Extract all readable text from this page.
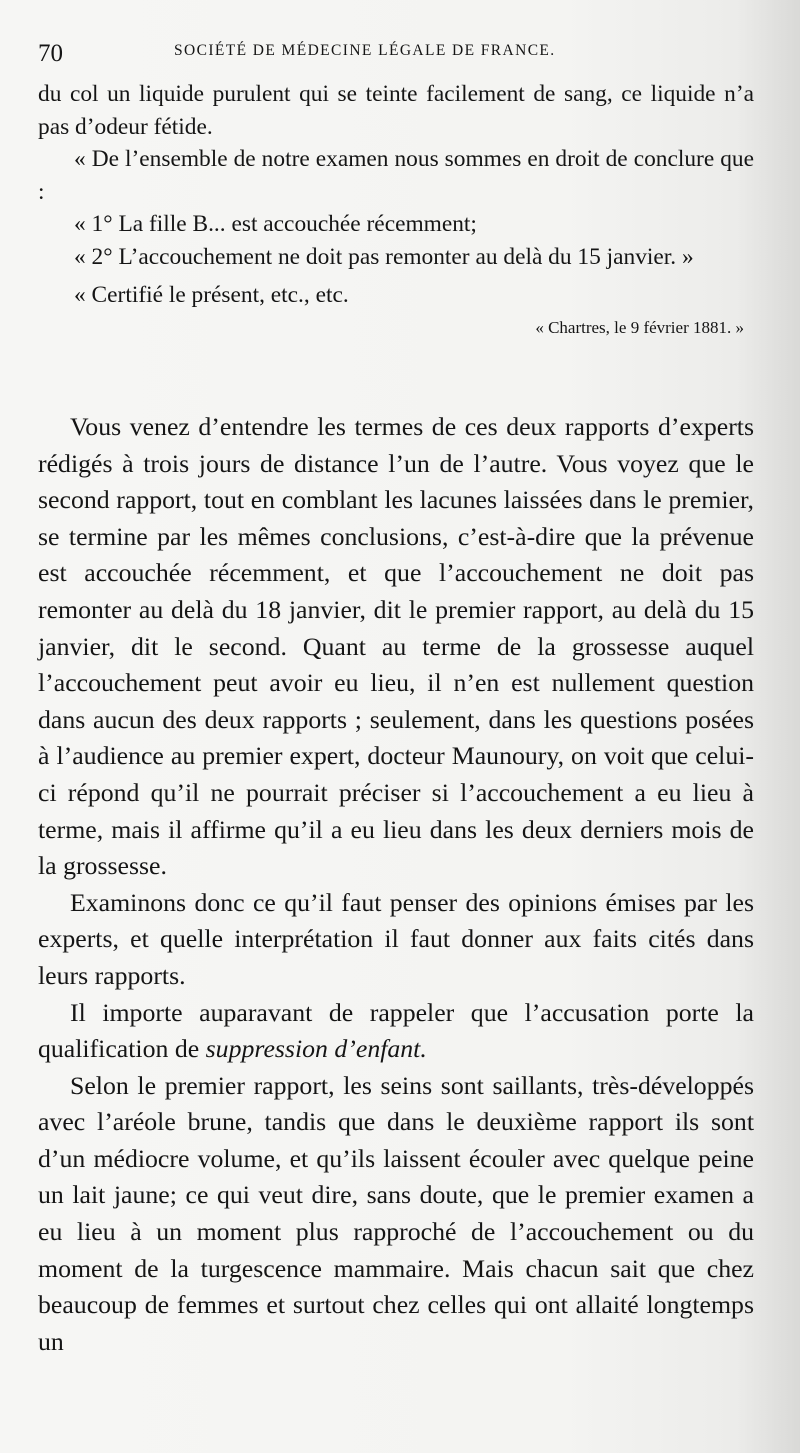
70	SOCIÉTÉ DE MÉDECINE LÉGALE DE FRANCE.

du col un liquide purulent qui se teinte facilement de sang, ce liquide n’a pas d’odeur fétide.

« De l’ensemble de notre examen nous sommes en droit de conclure que :

« 1° La fille B... est accouchée récemment;

« 2° L’accouchement ne doit pas remonter au delà du 15 janvier. »

« Certifié le présent, etc., etc.

« Chartres, le 9 février 1881. »

Vous venez d’entendre les termes de ces deux rapports d’experts rédigés à trois jours de distance l’un de l’autre. Vous voyez que le second rapport, tout en comblant les lacunes laissées dans le premier, se termine par les mêmes conclusions, c’est-à-dire que la prévenue est accouchée récemment, et que l’accouchement ne doit pas remonter au delà du 18 janvier, dit le premier rapport, au delà du 15 janvier, dit le second. Quant au terme de la grossesse auquel l’accouchement peut avoir eu lieu, il n’en est nullement question dans aucun des deux rapports ; seulement, dans les questions posées à l’audience au premier expert, docteur Maunoury, on voit que celui-ci répond qu’il ne pourrait préciser si l’accouchement a eu lieu à terme, mais il affirme qu’il a eu lieu dans les deux derniers mois de la grossesse.

Examinons donc ce qu’il faut penser des opinions émises par les experts, et quelle interprétation il faut donner aux faits cités dans leurs rapports.

Il importe auparavant de rappeler que l’accusation porte la qualification de suppression d’enfant.

Selon le premier rapport, les seins sont saillants, très-développés avec l’aréole brune, tandis que dans le deuxième rapport ils sont d’un médiocre volume, et qu’ils laissent écouler avec quelque peine un lait jaune; ce qui veut dire, sans doute, que le premier examen a eu lieu à un moment plus rapproché de l’accouchement ou du moment de la turgescence mammaire. Mais chacun sait que chez beaucoup de femmes et surtout chez celles qui ont allaité longtemps un
